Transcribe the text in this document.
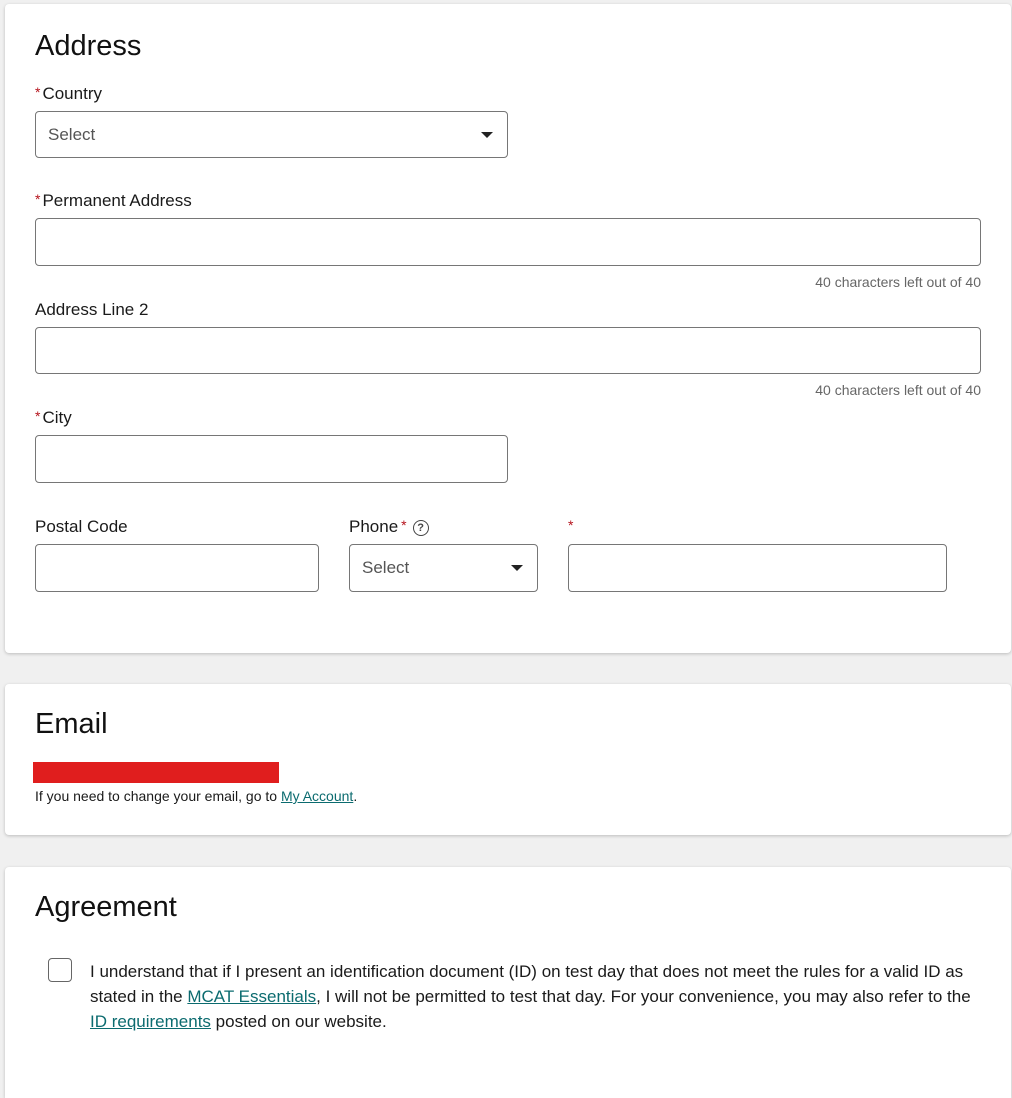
Address
* Country
Select
* Permanent Address
40 characters left out of 40
Address Line 2
40 characters left out of 40
* City
Postal Code	Phone * ?
Select
*
Email
If you need to change your email, go to My Account.
Agreement
I understand that if I present an identification document (ID) on test day that does not meet the rules for a valid ID as stated in the MCAT Essentials, I will not be permitted to test that day. For your convenience, you may also refer to the ID requirements posted on our website.
